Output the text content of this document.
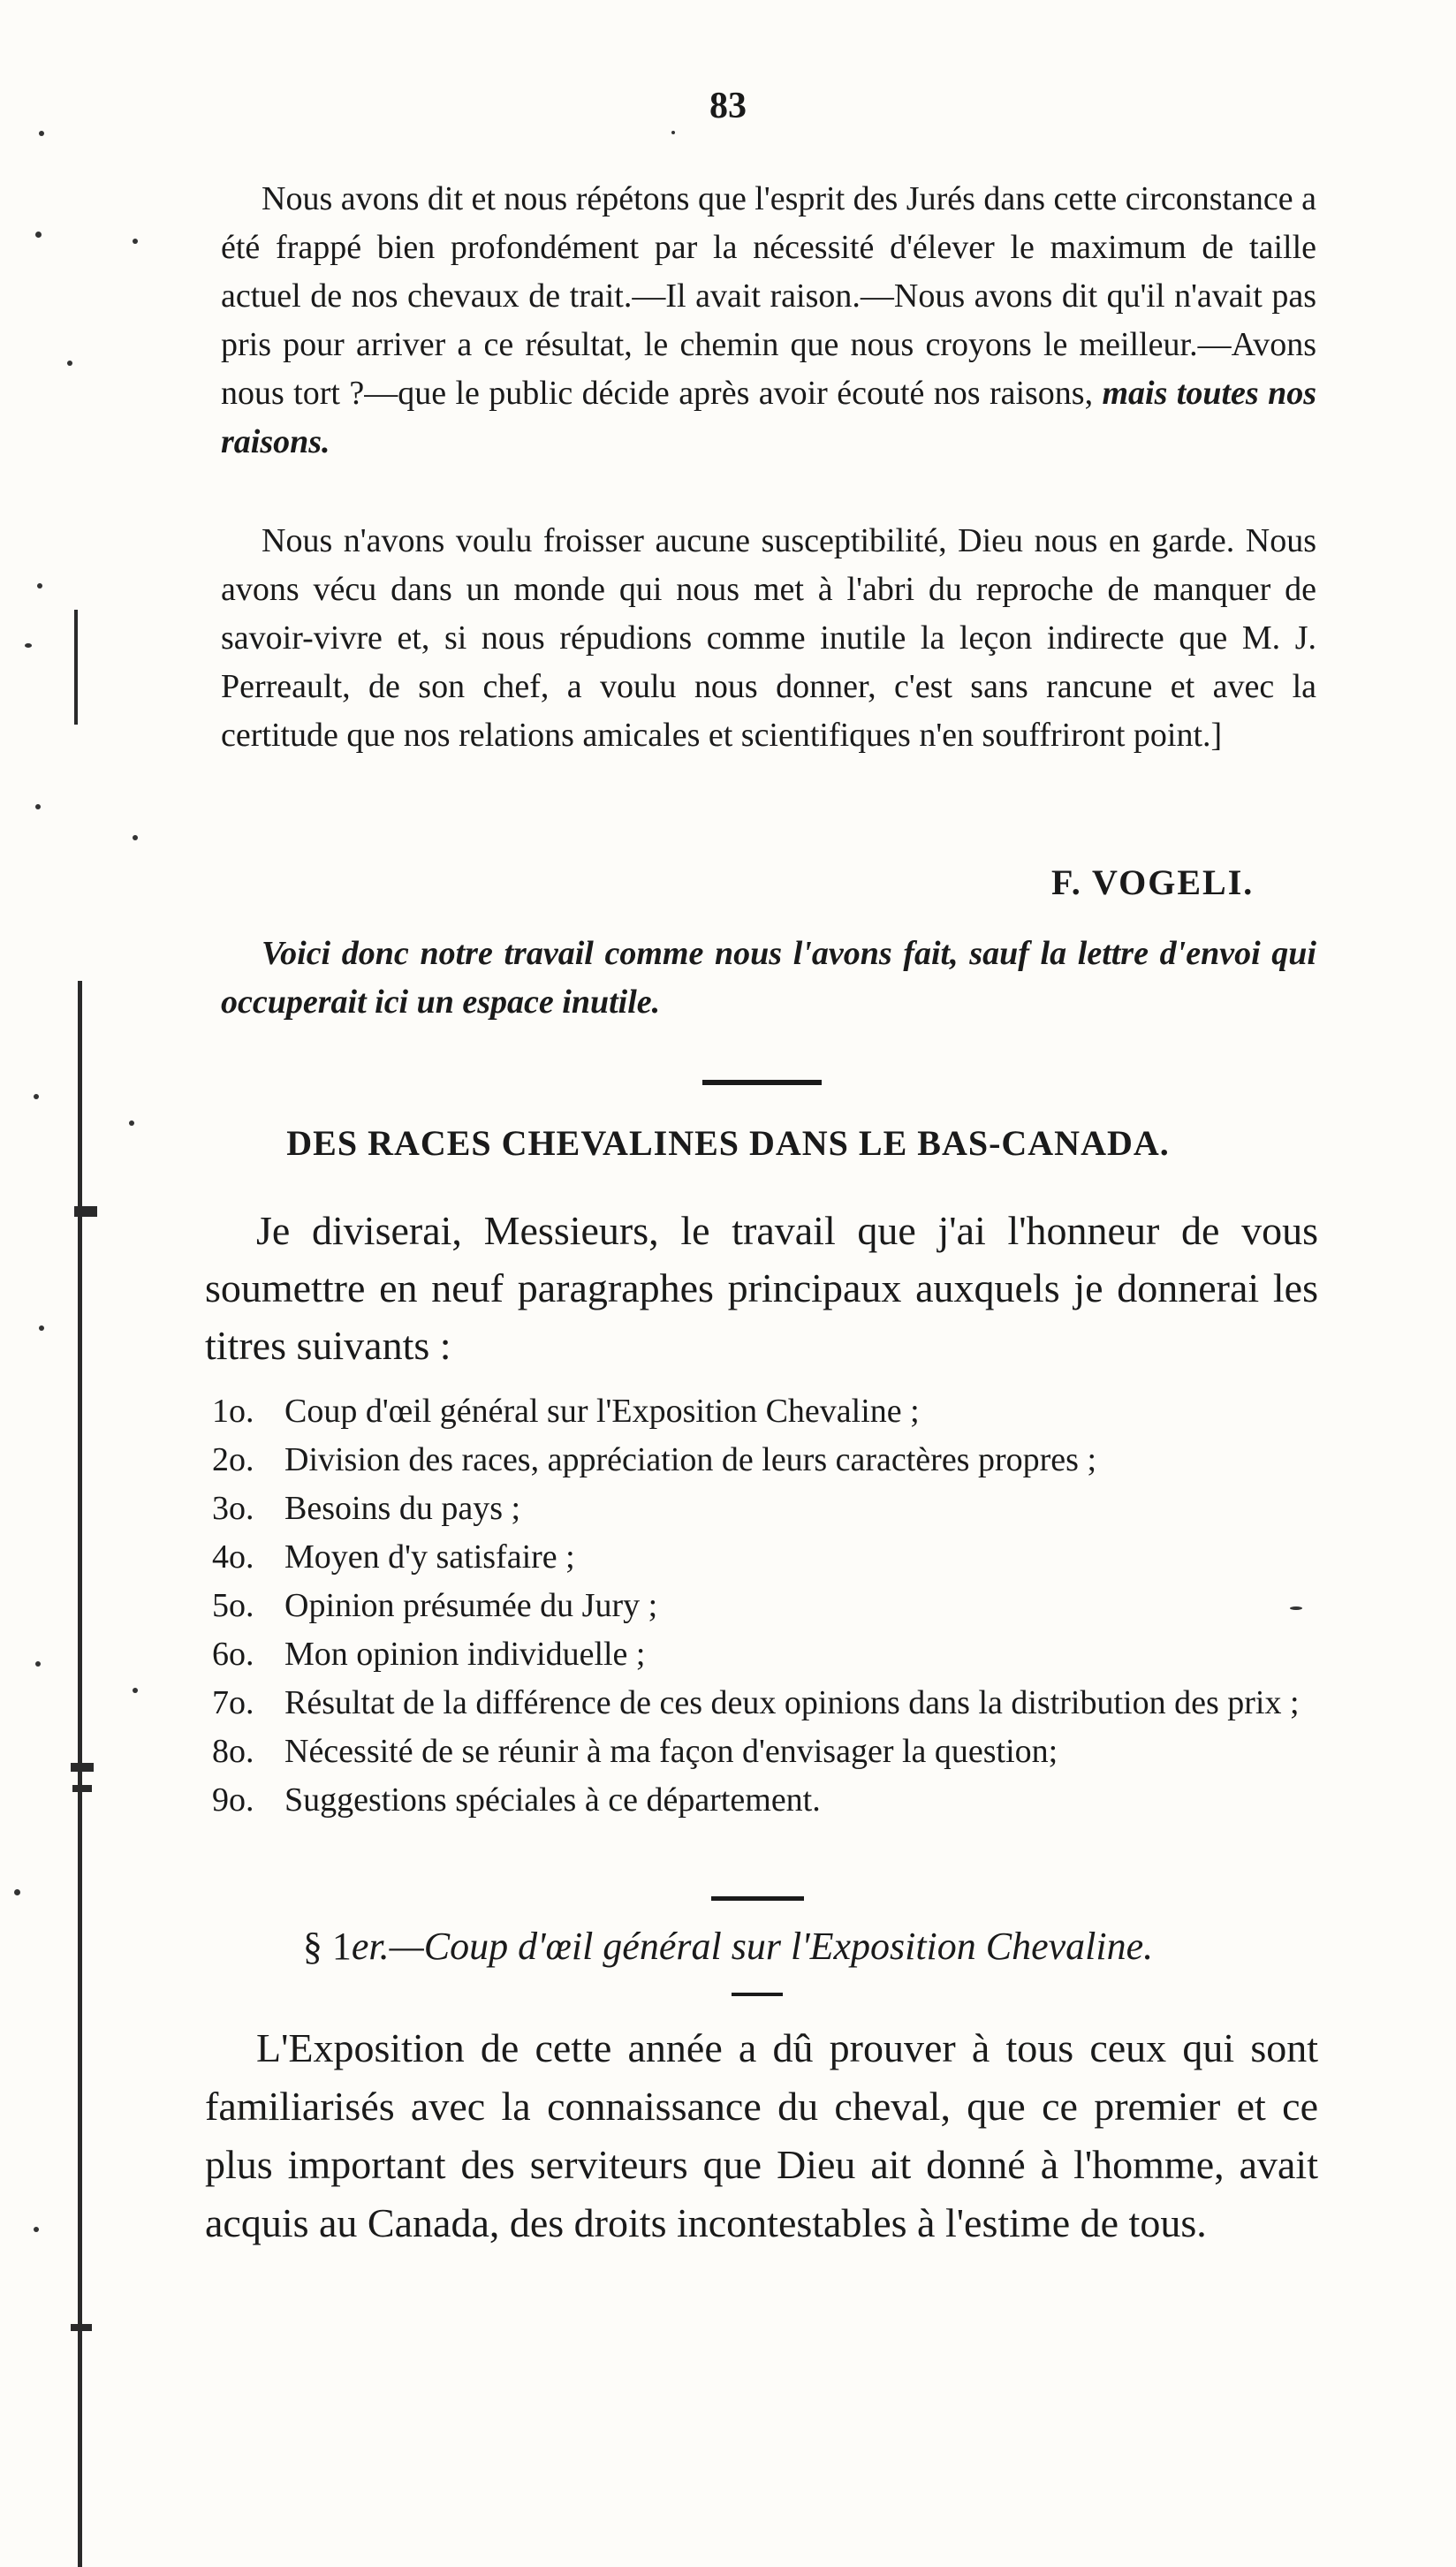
83

Nous avons dit et nous répétons que l'esprit des Jurés dans cette circonstance a été frappé bien profondément par la nécessité d'élever le maximum de taille actuel de nos chevaux de trait.—Il avait raison.—Nous avons dit qu'il n'avait pas pris pour arriver a ce résultat, le chemin que nous croyons le meilleur.—Avons nous tort ?—que le public décide après avoir écouté nos raisons, mais toutes nos raisons.

Nous n'avons voulu froisser aucune susceptibilité, Dieu nous en garde. Nous avons vécu dans un monde qui nous met à l'abri du reproche de manquer de savoir-vivre et, si nous répudions comme inutile la leçon indirecte que M. J. Perreault, de son chef, a voulu nous donner, c'est sans rancune et avec la certitude que nos relations amicales et scientifiques n'en souffriront point.]

F. VOGELI.

Voici donc notre travail comme nous l'avons fait, sauf la lettre d'envoi qui occuperait ici un espace inutile.

DES RACES CHEVALINES DANS LE BAS-CANADA.

Je diviserai, Messieurs, le travail que j'ai l'honneur de vous soumettre en neuf paragraphes principaux auxquels je donnerai les titres suivants :

1o. Coup d'œil général sur l'Exposition Chevaline ;
2o. Division des races, appréciation de leurs caractères propres ;
3o. Besoins du pays ;
4o. Moyen d'y satisfaire ;
5o. Opinion présumée du Jury ;
6o. Mon opinion individuelle ;
7o. Résultat de la différence de ces deux opinions dans la distribution des prix ;
8o. Nécessité de se réunir à ma façon d'envisager la question;
9o. Suggestions spéciales à ce département.
§ 1er.—Coup d'œil général sur l'Exposition Chevaline.

L'Exposition de cette année a dû prouver à tous ceux qui sont familiarisés avec la connaissance du cheval, que ce premier et ce plus important des serviteurs que Dieu ait donné à l'homme, avait acquis au Canada, des droits incontestables à l'estime de tous.
